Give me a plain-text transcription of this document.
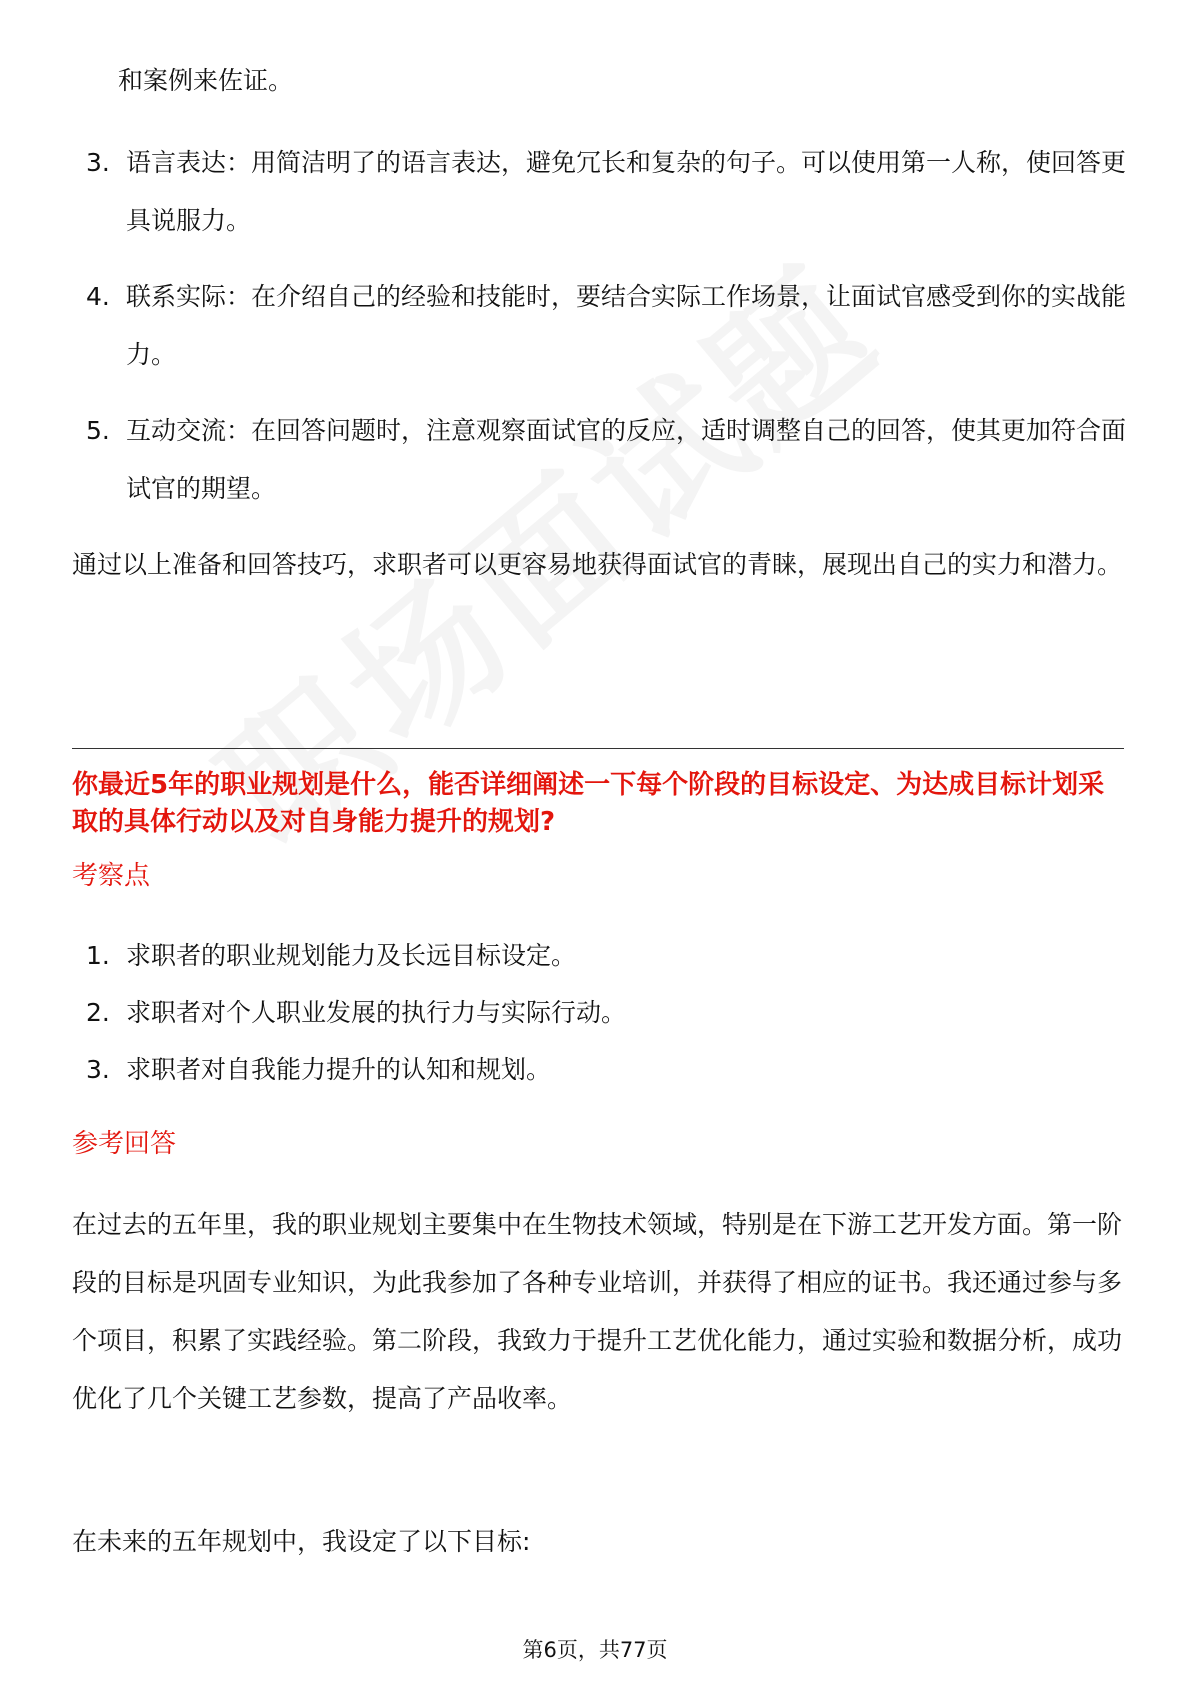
和案例来佐证。

3. 语言表达：用简洁明了的语言表达，避免冗长和复杂的句子。可以使用第一人称，使回答更具说服力。
4. 联系实际：在介绍自己的经验和技能时，要结合实际工作场景，让面试官感受到你的实战能力。
5. 互动交流：在回答问题时，注意观察面试官的反应，适时调整自己的回答，使其更加符合面试官的期望。

通过以上准备和回答技巧，求职者可以更容易地获得面试官的青睐，展现出自己的实力和潜力。

你最近5年的职业规划是什么，能否详细阐述一下每个阶段的目标设定、为达成目标计划采取的具体行动以及对自身能力提升的规划?
考察点
1. 求职者的职业规划能力及长远目标设定。
2. 求职者对个人职业发展的执行力与实际行动。
3. 求职者对自我能力提升的认知和规划。
参考回答

在过去的五年里，我的职业规划主要集中在生物技术领域，特别是在下游工艺开发方面。第一阶段的目标是巩固专业知识，为此我参加了各种专业培训，并获得了相应的证书。我还通过参与多个项目，积累了实践经验。第二阶段，我致力于提升工艺优化能力，通过实验和数据分析，成功优化了几个关键工艺参数，提高了产品收率。

在未来的五年规划中，我设定了以下目标:

第6页，共77页
